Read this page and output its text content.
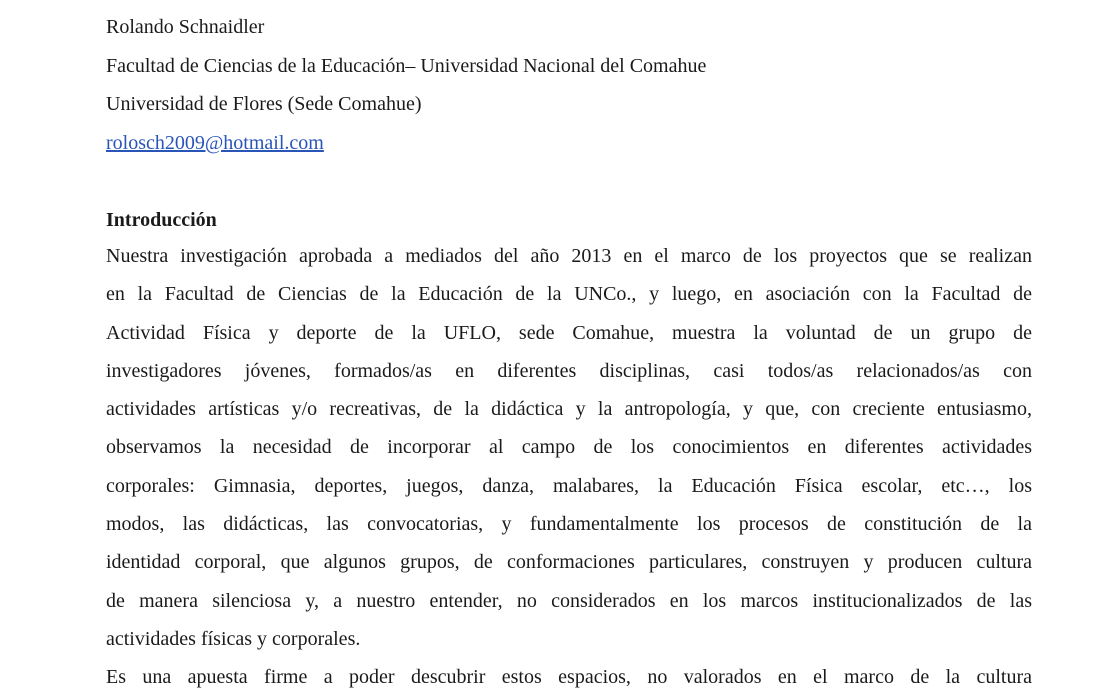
Rolando Schnaidler
Facultad de Ciencias de la Educación– Universidad Nacional del Comahue
Universidad de Flores (Sede Comahue)
rolosch2009@hotmail.com
Introducción
Nuestra investigación aprobada a mediados del año 2013 en el marco de los proyectos que se realizan
en la Facultad de Ciencias de la Educación de la UNCo., y luego, en asociación con la Facultad de
Actividad Física y deporte de la UFLO, sede Comahue, muestra la voluntad de un grupo de
investigadores jóvenes, formados/as en diferentes disciplinas, casi todos/as relacionados/as con
actividades artísticas y/o recreativas, de la didáctica y la antropología, y que, con creciente entusiasmo,
observamos la necesidad de incorporar al campo de los conocimientos en diferentes actividades
corporales: Gimnasia, deportes, juegos, danza, malabares, la Educación Física escolar, etc…, los
modos, las didácticas, las convocatorias, y fundamentalmente los procesos de constitución de la
identidad corporal, que algunos grupos, de conformaciones particulares, construyen y producen cultura
de manera silenciosa y, a nuestro entender, no considerados en los marcos institucionalizados de las
actividades físicas y corporales.
Es una apuesta firme a poder descubrir estos espacios, no valorados en el marco de la cultura
